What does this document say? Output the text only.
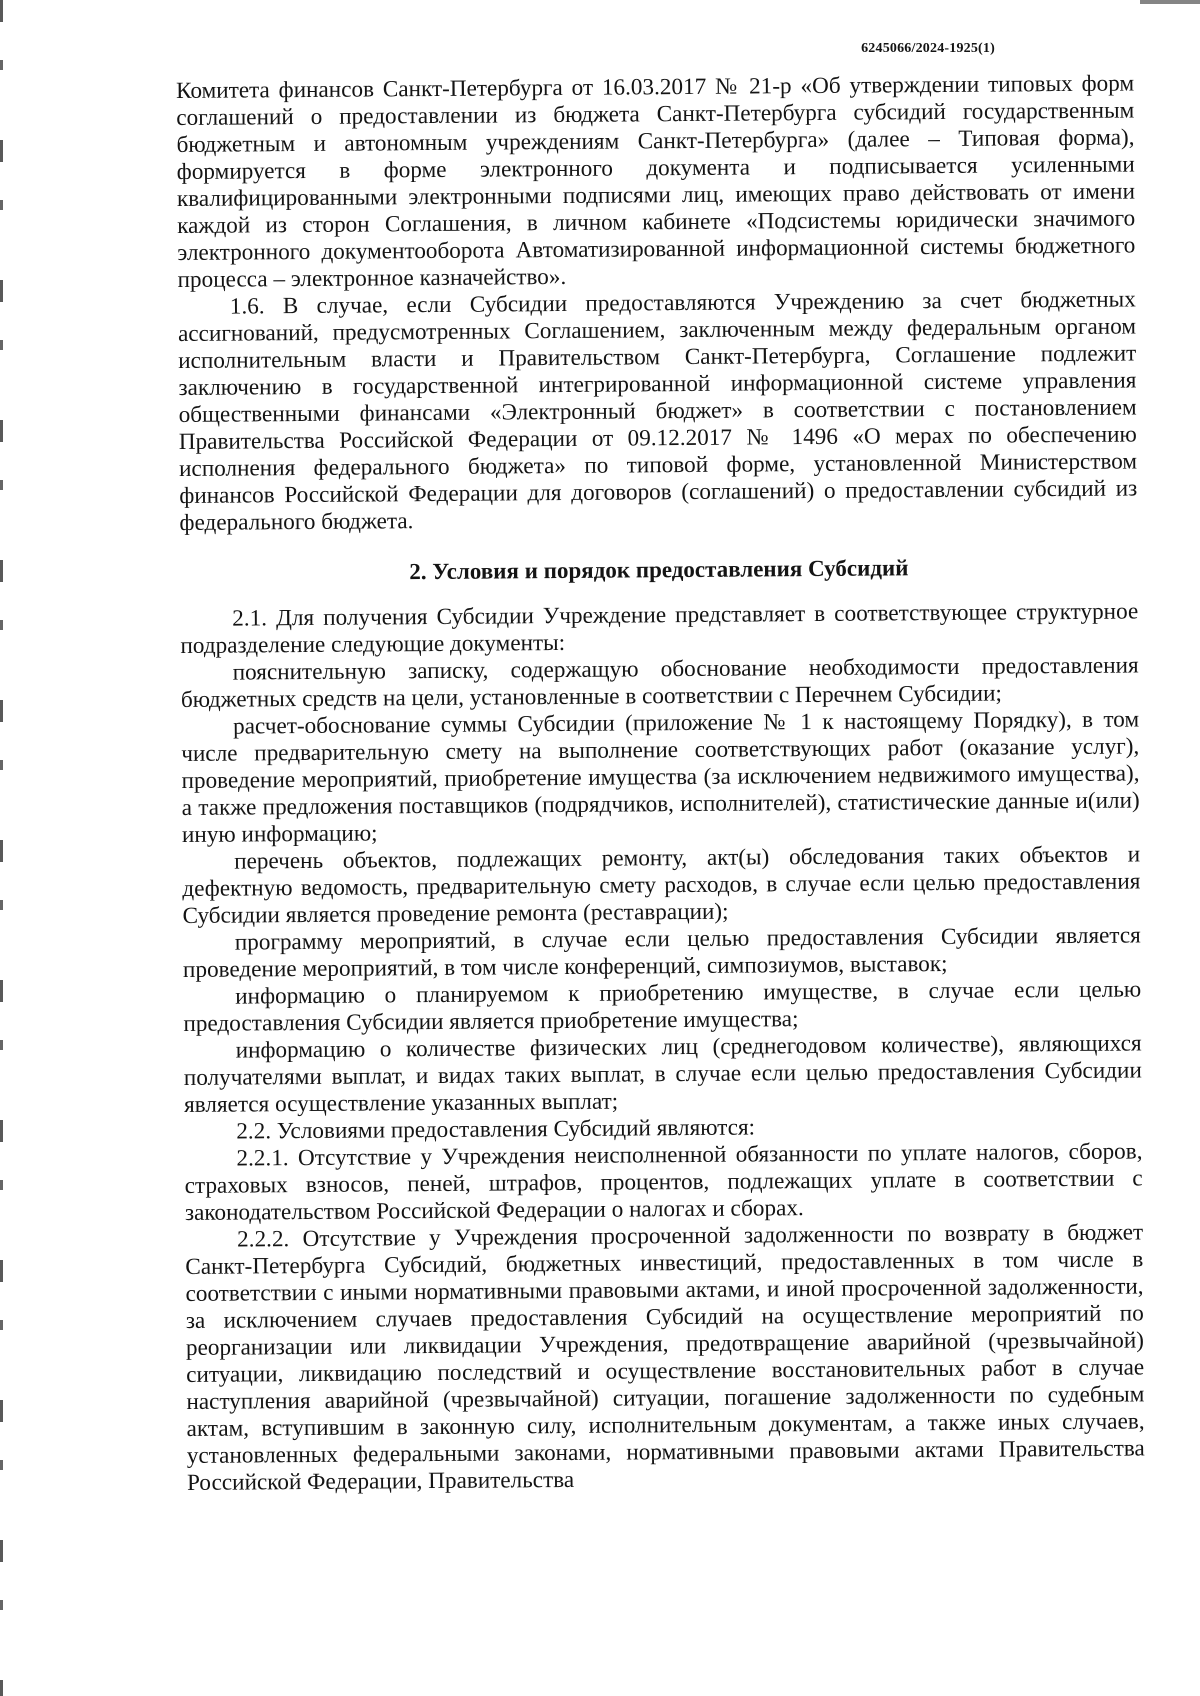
6245066/2024-1925(1)

Комитета финансов Санкт-Петербурга от 16.03.2017 № 21-р «Об утверждении типовых форм соглашений о предоставлении из бюджета Санкт-Петербурга субсидий государственным бюджетным и автономным учреждениям Санкт-Петербурга» (далее – Типовая форма), формируется в форме электронного документа и подписывается усиленными квалифицированными электронными подписями лиц, имеющих право действовать от имени каждой из сторон Соглашения, в личном кабинете «Подсистемы юридически значимого электронного документооборота Автоматизированной информационной системы бюджетного процесса – электронное казначейство».

1.6. В случае, если Субсидии предоставляются Учреждению за счет бюджетных ассигнований, предусмотренных Соглашением, заключенным между федеральным органом исполнительным власти и Правительством Санкт-Петербурга, Соглашение подлежит заключению в государственной интегрированной информационной системе управления общественными финансами «Электронный бюджет» в соответствии с постановлением Правительства Российской Федерации от 09.12.2017 № 1496 «О мерах по обеспечению исполнения федерального бюджета» по типовой форме, установленной Министерством финансов Российской Федерации для договоров (соглашений) о предоставлении субсидий из федерального бюджета.

2. Условия и порядок предоставления Субсидий

2.1. Для получения Субсидии Учреждение представляет в соответствующее структурное подразделение следующие документы:

пояснительную записку, содержащую обоснование необходимости предоставления бюджетных средств на цели, установленные в соответствии с Перечнем Субсидии;

расчет-обоснование суммы Субсидии (приложение № 1 к настоящему Порядку), в том числе предварительную смету на выполнение соответствующих работ (оказание услуг), проведение мероприятий, приобретение имущества (за исключением недвижимого имущества), а также предложения поставщиков (подрядчиков, исполнителей), статистические данные и(или) иную информацию;

перечень объектов, подлежащих ремонту, акт(ы) обследования таких объектов и дефектную ведомость, предварительную смету расходов, в случае если целью предоставления Субсидии является проведение ремонта (реставрации);

программу мероприятий, в случае если целью предоставления Субсидии является проведение мероприятий, в том числе конференций, симпозиумов, выставок;

информацию о планируемом к приобретению имуществе, в случае если целью предоставления Субсидии является приобретение имущества;

информацию о количестве физических лиц (среднегодовом количестве), являющихся получателями выплат, и видах таких выплат, в случае если целью предоставления Субсидии является осуществление указанных выплат;

2.2. Условиями предоставления Субсидий являются:

2.2.1. Отсутствие у Учреждения неисполненной обязанности по уплате налогов, сборов, страховых взносов, пеней, штрафов, процентов, подлежащих уплате в соответствии с законодательством Российской Федерации о налогах и сборах.

2.2.2. Отсутствие у Учреждения просроченной задолженности по возврату в бюджет Санкт-Петербурга Субсидий, бюджетных инвестиций, предоставленных в том числе в соответствии с иными нормативными правовыми актами, и иной просроченной задолженности, за исключением случаев предоставления Субсидий на осуществление мероприятий по реорганизации или ликвидации Учреждения, предотвращение аварийной (чрезвычайной) ситуации, ликвидацию последствий и осуществление восстановительных работ в случае наступления аварийной (чрезвычайной) ситуации, погашение задолженности по судебным актам, вступившим в законную силу, исполнительным документам, а также иных случаев, установленных федеральными законами, нормативными правовыми актами Правительства Российской Федерации, Правительства
